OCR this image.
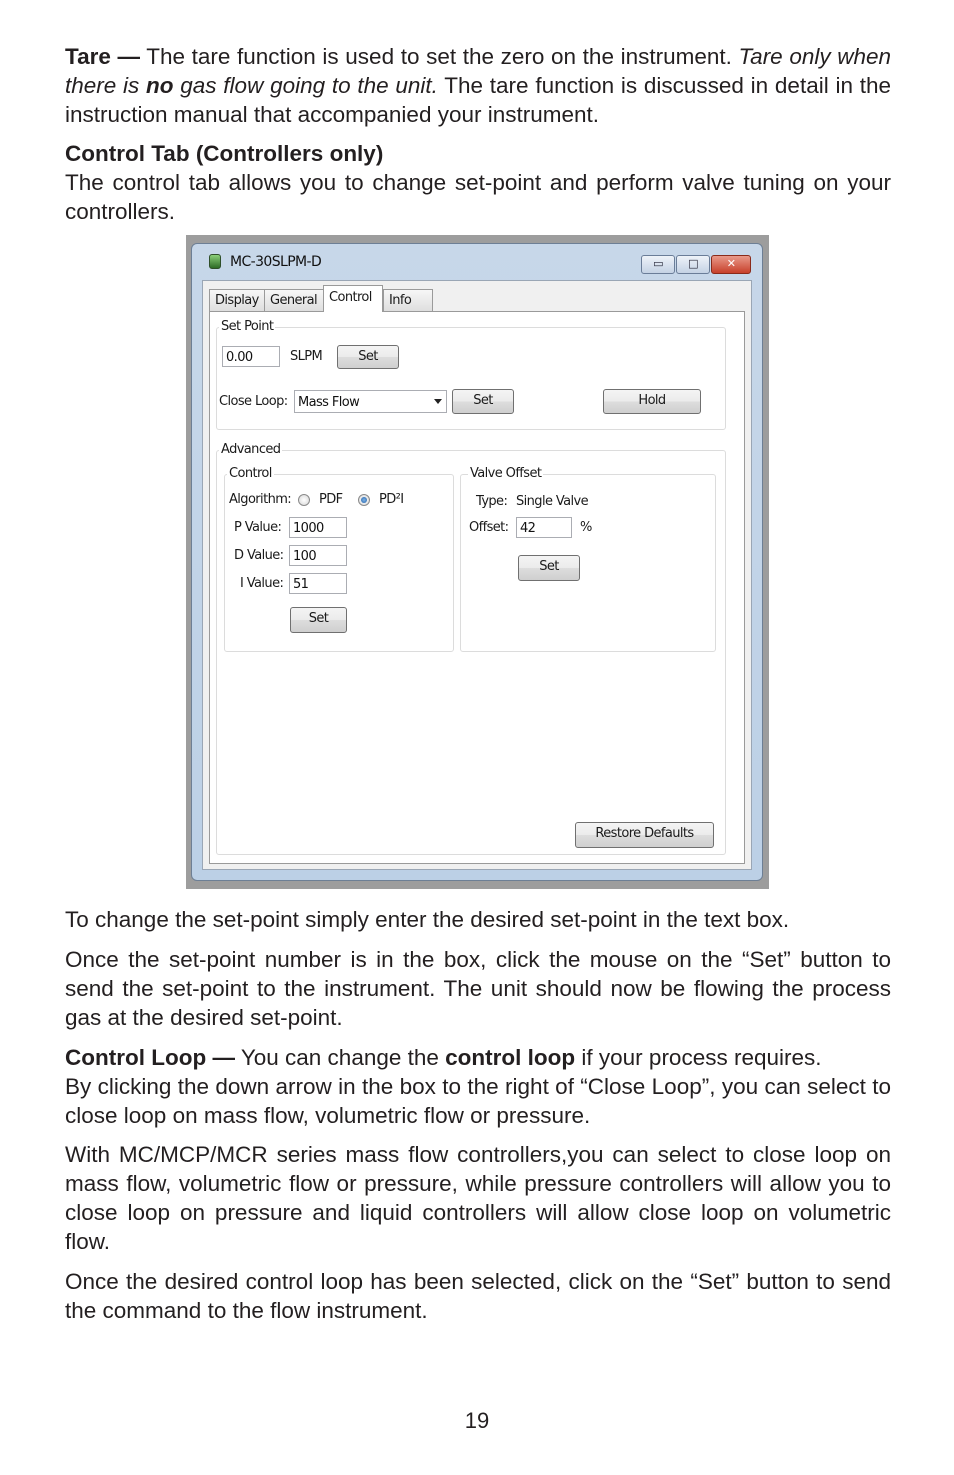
Tare — The tare function is used to set the zero on the instrument. Tare only when there is no gas flow going to the unit. The tare function is discussed in detail in the instruction manual that accompanied your instrument.

Control Tab (Controllers only)
The control tab allows you to change set-point and perform valve tuning on your controllers.

MC-30SLPM-D	▭	□	✕
Display General Control	Info
Set Point
0.00	SLPM	Set
Close Loop: Mass Flow	Set	Hold
Advanced
Control
Algorithm: PDF	PD²I
P Value: 1000
D Value: 100
I Value: 51
Set
Valve Offset
Type: Single Valve
Offset: 42	%
Set
Restore Defaults

To change the set-point simply enter the desired set-point in the text box.

Once the set-point number is in the box, click the mouse on the “Set” button to send the set-point to the instrument. The unit should now be flowing the process gas at the desired set-point.

Control Loop — You can change the control loop if your process requires.
By clicking the down arrow in the box to the right of “Close Loop”, you can select to close loop on mass flow, volumetric flow or pressure.

With MC/MCP/MCR series mass flow controllers,you can select to close loop on mass flow, volumetric flow or pressure, while pressure controllers will allow you to close loop on pressure and liquid controllers will allow close loop on volumetric flow.

Once the desired control loop has been selected, click on the “Set” button to send the command to the flow instrument.

19
